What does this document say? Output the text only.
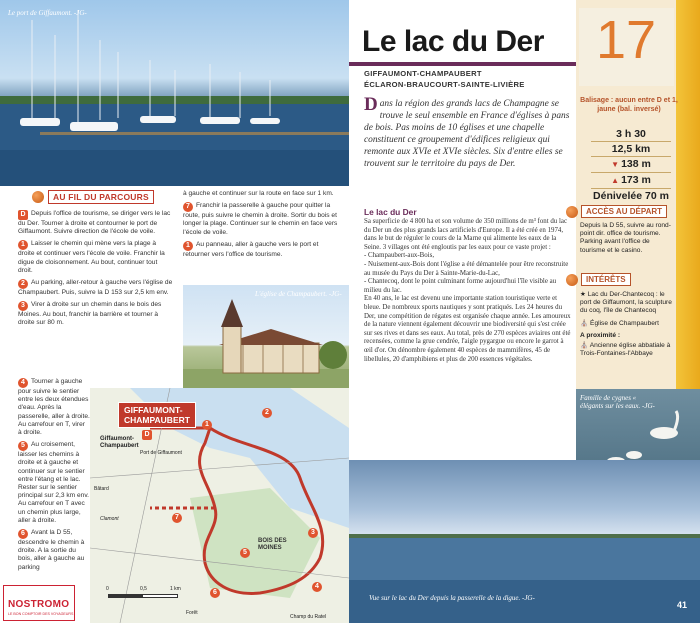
Le port de Giffaumont. -JG-
L'église de Champaubert. -JG-
Famille de cygnes « élégants sur les eaux. -JG-
Vue sur le lac du Der depuis la passerelle de la digue. -JG-
AU FIL DU PARCOURS
D Depuis l'office de tourisme, se diriger vers le lac du Der. Tourner à droite et contourner le port de Giffaumont. Suivre direction de l'école de voile.
1 Laisser le chemin qui mène vers la plage à droite et continuer vers l'école de voile. Franchir la digue de cloisonnement. Au bout, continuer tout droit.
2 Au parking, aller-retour à gauche vers l'église de Champaubert. Puis, suivre la D 153 sur 2,5 km env.
3 Virer à droite sur un chemin dans le bois des Moines. Au bout, franchir la barrière et tourner à droite sur 80 m.
4 Tourner à gauche pour suivre le sentier entre les deux étendues d'eau. Après la passerelle, aller à droite. Au carrefour en T, virer à droite.
5 Au croisement, laisser les chemins à droite et à gauche et continuer sur le sentier entre l'étang et le lac. Rester sur le sentier principal sur 2,3 km env. Au carrefour en T avec un chemin plus large, aller à droite.
6 Avant la D 55, descendre le chemin à droite. A la sortie du bois, aller à gauche au parking
à gauche et continuer sur la route en face sur 1 km.
7 Franchir la passerelle à gauche pour quitter la route, puis suivre le chemin à droite. Sortir du bois et longer la plage. Continuer sur le chemin en face vers l'école de voile.
1 Au panneau, aller à gauche vers le port et retourner vers l'office de tourisme.
Giffaumont-Champaubert
Port de Giffaumont
Bâtard
Clamont
BOIS DES MOINES
Champ du Ratel
Forêt
D
1
2
3
4
5
6
7
0	0,5	1 km
GIFFAUMONT-
CHAMPAUBERT
Le lac du Der
GIFFAUMONT-CHAMPAUBERT
ÉCLARON-BRAUCOURT-SAINTE-LIVIÈRE
D ans la région des grands lacs de Champagne se trouve le seul ensemble en France d'églises à pans de bois. Pas moins de 10 églises et une chapelle constituent ce groupement d'édifices religieux qui remonte aux XVIe et XVIe siècles. Six d'entre elles se trouvent sur le territoire du pays de Der.
Le lac du Der

Sa superficie de 4 800 ha et son volume de 350 millions de m³ font du lac du Der un des plus grands lacs artificiels d'Europe. Il a été créé en 1974, dans le but de réguler le cours de la Marne qui alimente les eaux de la Seine. 3 villages ont été engloutis par les eaux pour ce vaste projet :

- Champaubert-aux-Bois,

- Nuisement-aux-Bois dont l'église a été démantelée pour être reconstruite au musée du Pays du Der à Sainte-Marie-du-Lac,

- Chantecoq, dont le point culminant forme aujourd'hui l'île visible au milieu du lac.

En 40 ans, le lac est devenu une importante station touristique verte et bleue. De nombreux sports nautiques y sont pratiqués. Les 24 heures du Der, une compétition de régates est organisée chaque année. Les amoureux de la nature viennent également découvrir une biodiversité qui s'est créée sur ses rives et dans ses eaux. Au total, près de 270 espèces aviaires ont été recensées, comme la grue cendrée, l'aigle pygargue ou encore le garrot à œil d'or. On dénombre également 40 espèces de mammifères, 45 de libellules, 20 d'amphibiens et plus de 200 essences végétales.

17
Balisage : aucun entre D et 1, jaune (bal. inversé)
3 h 30
12,5 km
▼ 138 m
▲ 173 m
Dénivelée 70 m
ACCÈS AU DÉPART
Depuis la D 55, suivre au rond-point dir. office de tourisme. Parking avant l'office de tourisme et le casino.
INTÉRÊTS
★ Lac du Der-Chantecoq : le port de Giffaumont, la sculpture du coq, l'île de Chantecoq
⛪ Église de Champaubert
A proximité :
⛪ Ancienne église abbatiale à Trois-Fontaines-l'Abbaye
NOSTROMO
LE BON COMPTOIR DES VOYAGEURS
41
